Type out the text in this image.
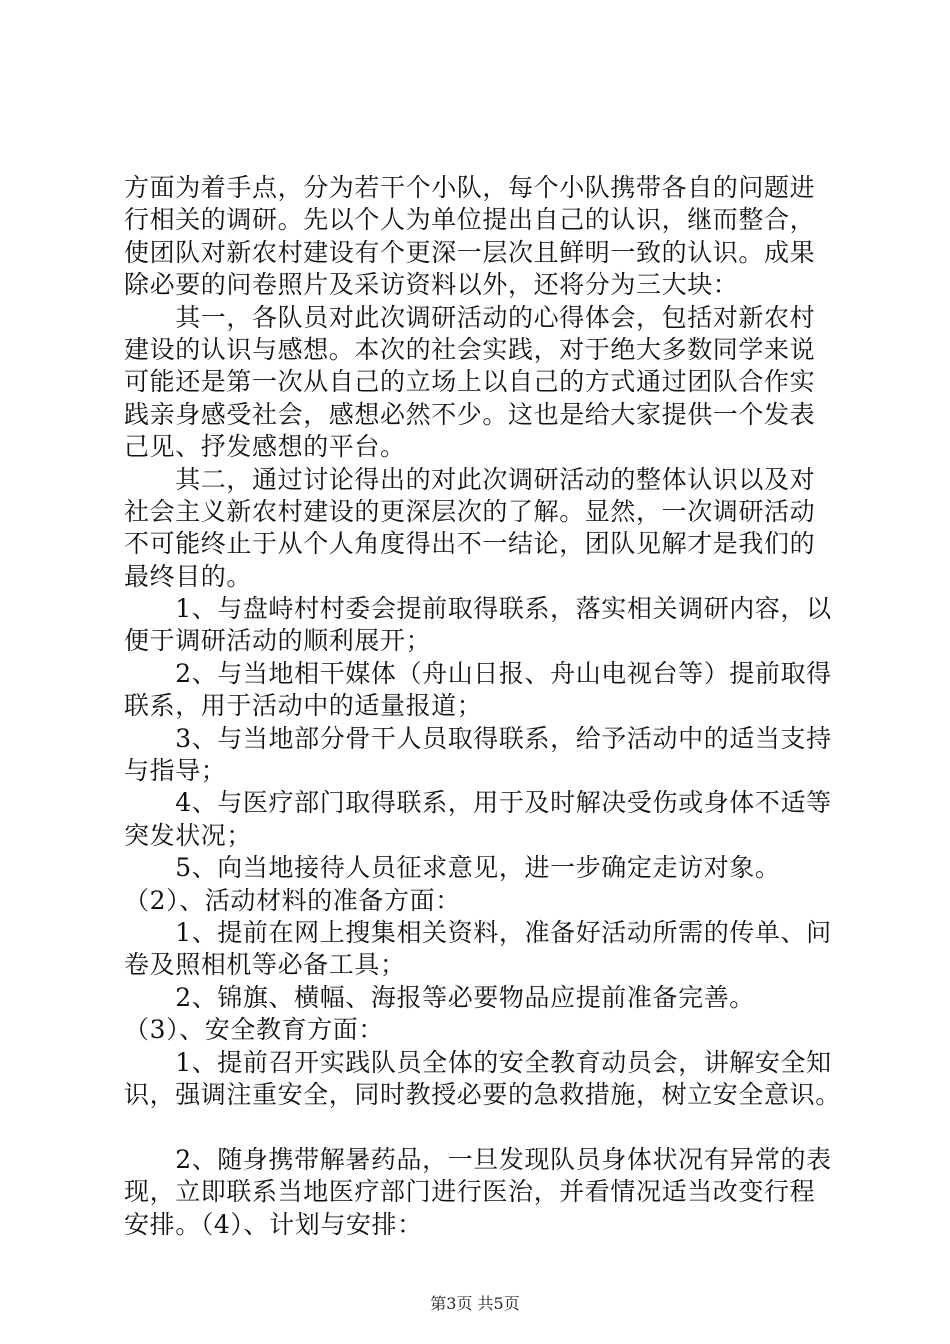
方面为着手点，分为若干个小队，每个小队携带各自的问题进
行相关的调研。先以个人为单位提出自己的认识，继而整合，
使团队对新农村建设有个更深一层次且鲜明一致的认识。成果
除必要的问卷照片及采访资料以外，还将分为三大块：
　　其一，各队员对此次调研活动的心得体会，包括对新农村
建设的认识与感想。本次的社会实践，对于绝大多数同学来说
可能还是第一次从自己的立场上以自己的方式通过团队合作实
践亲身感受社会，感想必然不少。这也是给大家提供一个发表
己见、抒发感想的平台。
　　其二，通过讨论得出的对此次调研活动的整体认识以及对
社会主义新农村建设的更深层次的了解。显然，一次调研活动
不可能终止于从个人角度得出不一结论，团队见解才是我们的
最终目的。
　　1、与盘峙村村委会提前取得联系，落实相关调研内容，以
便于调研活动的顺利展开；
　　2、与当地相干媒体（舟山日报、舟山电视台等）提前取得
联系，用于活动中的适量报道；
　　3、与当地部分骨干人员取得联系，给予活动中的适当支持
与指导；
　　4、与医疗部门取得联系，用于及时解决受伤或身体不适等
突发状况；
　　5、向当地接待人员征求意见，进一步确定走访对象。
（2）、活动材料的准备方面：
　　1、提前在网上搜集相关资料，准备好活动所需的传单、问
卷及照相机等必备工具；
　　2、锦旗、横幅、海报等必要物品应提前准备完善。
（3）、安全教育方面：
　　1、提前召开实践队员全体的安全教育动员会，讲解安全知
识，强调注重安全，同时教授必要的急救措施，树立安全意识。
　　2、随身携带解暑药品，一旦发现队员身体状况有异常的表
现，立即联系当地医疗部门进行医治，并看情况适当改变行程
安排。（4）、计划与安排：
第3页 共5页
